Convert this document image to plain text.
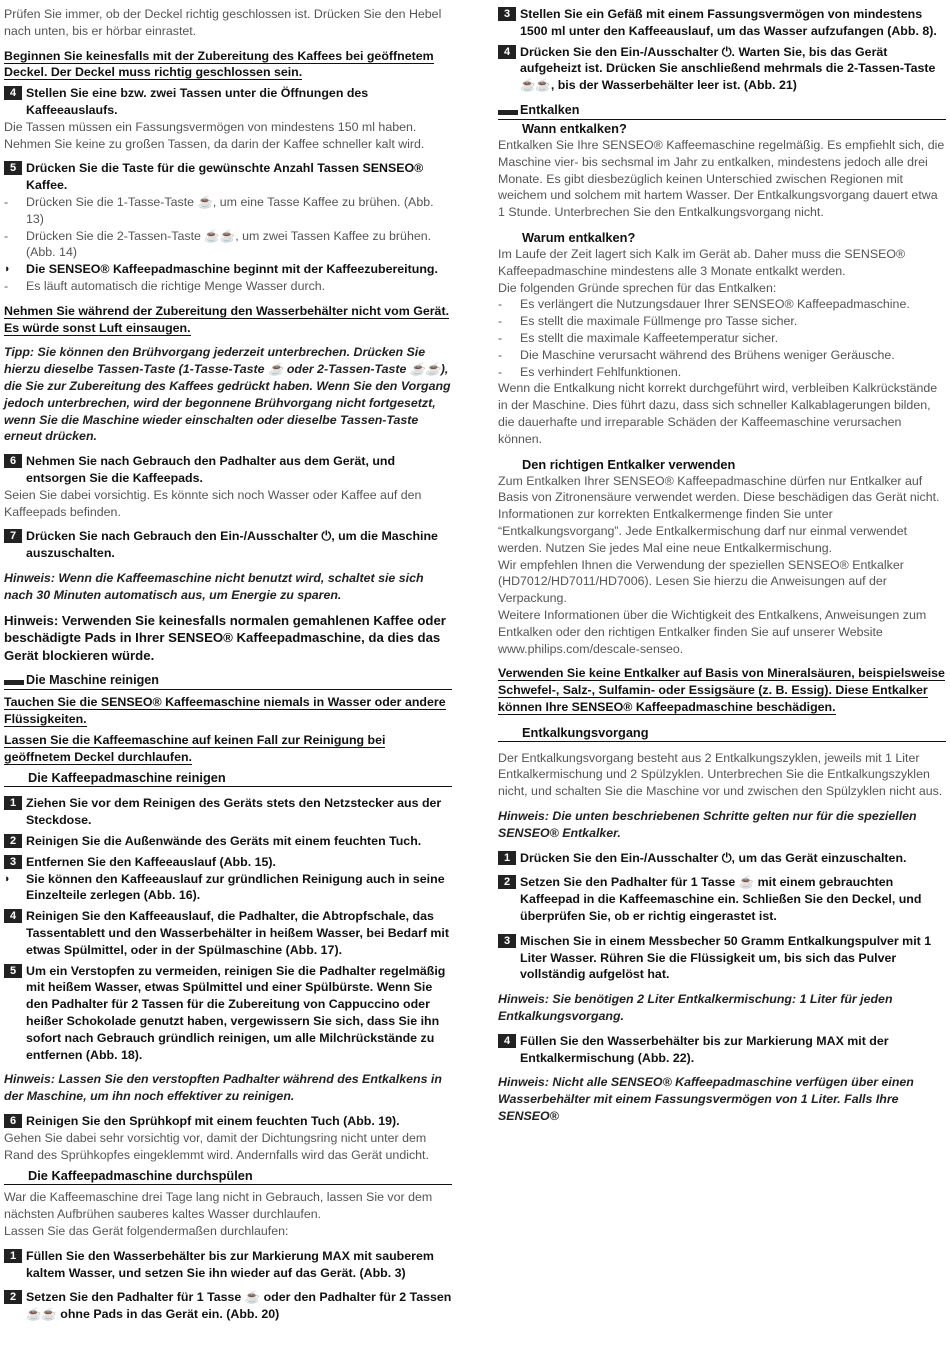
Prüfen Sie immer, ob der Deckel richtig geschlossen ist. Drücken Sie den Hebel nach unten, bis er hörbar einrastet.

Beginnen Sie keinesfalls mit der Zubereitung des Kaffees bei geöffnetem Deckel. Der Deckel muss richtig geschlossen sein.

4 Stellen Sie eine bzw. zwei Tassen unter die Öffnungen des Kaffeeauslaufs.

Die Tassen müssen ein Fassungsvermögen von mindestens 150 ml haben. Nehmen Sie keine zu großen Tassen, da darin der Kaffee schneller kalt wird.

5 Drücken Sie die Taste für die gewünschte Anzahl Tassen SENSEO® Kaffee.

- Drücken Sie die 1-Tasse-Taste ☕, um eine Tasse Kaffee zu brühen. (Abb. 13)

- Drücken Sie die 2-Tassen-Taste ☕☕, um zwei Tassen Kaffee zu brühen. (Abb. 14)

◗ Die SENSEO® Kaffeepadmaschine beginnt mit der Kaffeezubereitung.

- Es läuft automatisch die richtige Menge Wasser durch.

Nehmen Sie während der Zubereitung den Wasserbehälter nicht vom Gerät. Es würde sonst Luft einsaugen.

Tipp: Sie können den Brühvorgang jederzeit unterbrechen. Drücken Sie hierzu dieselbe Tassen-Taste (1-Tasse-Taste ☕ oder 2-Tassen-Taste ☕☕), die Sie zur Zubereitung des Kaffees gedrückt haben. Wenn Sie den Vorgang jedoch unterbrechen, wird der begonnene Brühvorgang nicht fortgesetzt, wenn Sie die Maschine wieder einschalten oder dieselbe Tassen-Taste erneut drücken.

6 Nehmen Sie nach Gebrauch den Padhalter aus dem Gerät, und entsorgen Sie die Kaffeepads.

Seien Sie dabei vorsichtig. Es könnte sich noch Wasser oder Kaffee auf den Kaffeepads befinden.

7 Drücken Sie nach Gebrauch den Ein-/Ausschalter ⏻, um die Maschine auszuschalten.

Hinweis: Wenn die Kaffeemaschine nicht benutzt wird, schaltet sie sich nach 30 Minuten automatisch aus, um Energie zu sparen.

Hinweis: Verwenden Sie keinesfalls normalen gemahlenen Kaffee oder beschädigte Pads in Ihrer SENSEO® Kaffeepadmaschine, da dies das Gerät blockieren würde.

Die Maschine reinigen

Tauchen Sie die SENSEO® Kaffeemaschine niemals in Wasser oder andere Flüssigkeiten.

Lassen Sie die Kaffeemaschine auf keinen Fall zur Reinigung bei geöffnetem Deckel durchlaufen.

Die Kaffeepadmaschine reinigen

1 Ziehen Sie vor dem Reinigen des Geräts stets den Netzstecker aus der Steckdose.
2 Reinigen Sie die Außenwände des Geräts mit einem feuchten Tuch.
3 Entfernen Sie den Kaffeeauslauf (Abb. 15).

◗ Sie können den Kaffeeauslauf zur gründlichen Reinigung auch in seine Einzelteile zerlegen (Abb. 16).

4 Reinigen Sie den Kaffeeauslauf, die Padhalter, die Abtropfschale, das Tassentablett und den Wasserbehälter in heißem Wasser, bei Bedarf mit etwas Spülmittel, oder in der Spülmaschine (Abb. 17).
5 Um ein Verstopfen zu vermeiden, reinigen Sie die Padhalter regelmäßig mit heißem Wasser, etwas Spülmittel und einer Spülbürste. Wenn Sie den Padhalter für 2 Tassen für die Zubereitung von Cappuccino oder heißer Schokolade genutzt haben, vergewissern Sie sich, dass Sie ihn sofort nach Gebrauch gründlich reinigen, um alle Milchrückstände zu entfernen (Abb. 18).

Hinweis: Lassen Sie den verstopften Padhalter während des Entkalkens in der Maschine, um ihn noch effektiver zu reinigen.

6 Reinigen Sie den Sprühkopf mit einem feuchten Tuch (Abb. 19).

Gehen Sie dabei sehr vorsichtig vor, damit der Dichtungsring nicht unter dem Rand des Sprühkopfes eingeklemmt wird. Andernfalls wird das Gerät undicht.

Die Kaffeepadmaschine durchspülen

War die Kaffeemaschine drei Tage lang nicht in Gebrauch, lassen Sie vor dem nächsten Aufbrühen sauberes kaltes Wasser durchlaufen.

Lassen Sie das Gerät folgendermaßen durchlaufen:

1 Füllen Sie den Wasserbehälter bis zur Markierung MAX mit sauberem kaltem Wasser, und setzen Sie ihn wieder auf das Gerät. (Abb. 3)
2 Setzen Sie den Padhalter für 1 Tasse ☕ oder den Padhalter für 2 Tassen ☕☕ ohne Pads in das Gerät ein. (Abb. 20)
3 Stellen Sie ein Gefäß mit einem Fassungsvermögen von mindestens 1500 ml unter den Kaffeeauslauf, um das Wasser aufzufangen (Abb. 8).
4 Drücken Sie den Ein-/Ausschalter ⏻. Warten Sie, bis das Gerät aufgeheizt ist. Drücken Sie anschließend mehrmals die 2-Tassen-Taste ☕☕, bis der Wasserbehälter leer ist. (Abb. 21)

Entkalken

Wann entkalken?

Entkalken Sie Ihre SENSEO® Kaffeemaschine regelmäßig. Es empfiehlt sich, die Maschine vier- bis sechsmal im Jahr zu entkalken, mindestens jedoch alle drei Monate. Es gibt diesbezüglich keinen Unterschied zwischen Regionen mit weichem und solchem mit hartem Wasser. Der Entkalkungsvorgang dauert etwa 1 Stunde. Unterbrechen Sie den Entkalkungsvorgang nicht.

Warum entkalken?

Im Laufe der Zeit lagert sich Kalk im Gerät ab. Daher muss die SENSEO® Kaffeepadmaschine mindestens alle 3 Monate entkalkt werden.

Die folgenden Gründe sprechen für das Entkalken:

- Es verlängert die Nutzungsdauer Ihrer SENSEO® Kaffeepadmaschine.

- Es stellt die maximale Füllmenge pro Tasse sicher.

- Es stellt die maximale Kaffeetemperatur sicher.

- Die Maschine verursacht während des Brühens weniger Geräusche.

- Es verhindert Fehlfunktionen.

Wenn die Entkalkung nicht korrekt durchgeführt wird, verbleiben Kalkrückstände in der Maschine. Dies führt dazu, dass sich schneller Kalkablagerungen bilden, die dauerhafte und irreparable Schäden der Kaffeemaschine verursachen können.

Den richtigen Entkalker verwenden

Zum Entkalken Ihrer SENSEO® Kaffeepadmaschine dürfen nur Entkalker auf Basis von Zitronensäure verwendet werden. Diese beschädigen das Gerät nicht. Informationen zur korrekten Entkalkermenge finden Sie unter “Entkalkungsvorgang”. Jede Entkalkermischung darf nur einmal verwendet werden. Nutzen Sie jedes Mal eine neue Entkalkermischung.

Wir empfehlen Ihnen die Verwendung der speziellen SENSEO® Entkalker (HD7012/HD7011/HD7006). Lesen Sie hierzu die Anweisungen auf der Verpackung.

Weitere Informationen über die Wichtigkeit des Entkalkens, Anweisungen zum Entkalken oder den richtigen Entkalker finden Sie auf unserer Website www.philips.com/descale-senseo.

Verwenden Sie keine Entkalker auf Basis von Mineralsäuren, beispielsweise Schwefel-, Salz-, Sulfamin- oder Essigsäure (z. B. Essig). Diese Entkalker können Ihre SENSEO® Kaffeepadmaschine beschädigen.

Entkalkungsvorgang

Der Entkalkungsvorgang besteht aus 2 Entkalkungszyklen, jeweils mit 1 Liter Entkalkermischung und 2 Spülzyklen. Unterbrechen Sie die Entkalkungszyklen nicht, und schalten Sie die Maschine vor und zwischen den Spülzyklen nicht aus.

Hinweis: Die unten beschriebenen Schritte gelten nur für die speziellen SENSEO® Entkalker.

1 Drücken Sie den Ein-/Ausschalter ⏻, um das Gerät einzuschalten.
2 Setzen Sie den Padhalter für 1 Tasse ☕ mit einem gebrauchten Kaffeepad in die Kaffeemaschine ein. Schließen Sie den Deckel, und überprüfen Sie, ob er richtig eingerastet ist.
3 Mischen Sie in einem Messbecher 50 Gramm Entkalkungspulver mit 1 Liter Wasser. Rühren Sie die Flüssigkeit um, bis sich das Pulver vollständig aufgelöst hat.

Hinweis: Sie benötigen 2 Liter Entkalkermischung: 1 Liter für jeden Entkalkungsvorgang.

4 Füllen Sie den Wasserbehälter bis zur Markierung MAX mit der Entkalkermischung (Abb. 22).

Hinweis: Nicht alle SENSEO® Kaffeepadmaschine verfügen über einen Wasserbehälter mit einem Fassungsvermögen von 1 Liter. Falls Ihre SENSEO®
